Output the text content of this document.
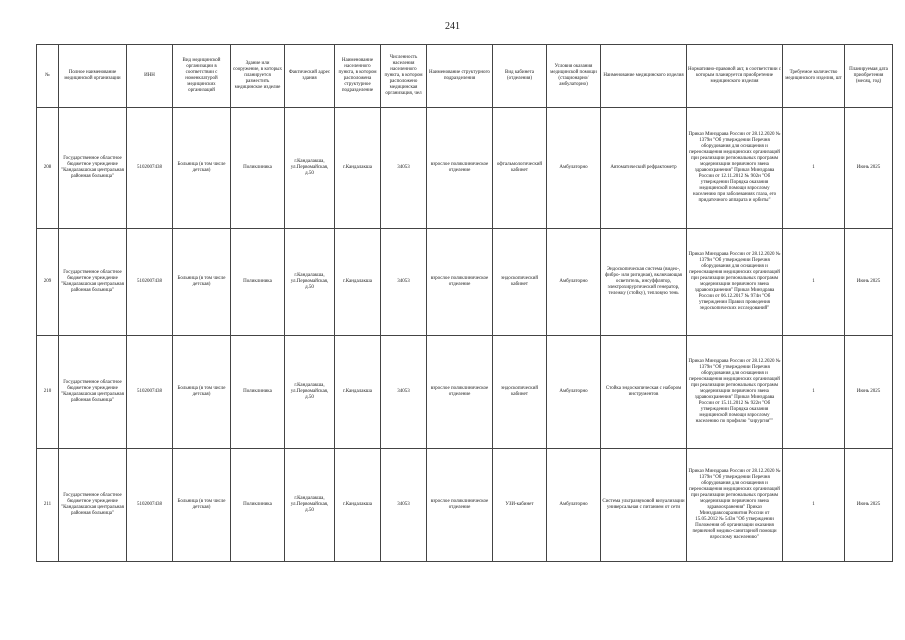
241
№	Полное наименование медицинской организации	ИНН	Вид медицинской организации в соответствии с номенклатурой медицинских организаций	Здание или сооружение, в которых планируется разместить медицинское изделие	Фактический адрес здания	Наименование населенного пункта, в котором расположена структурное подразделение	Численность населения населенного пункта, в котором расположено медицинская организация, чел	Наименование структурного подразделения	Вид кабинета (отделения)	Условия оказания медицинской помощи (стационарно/амбулаторно)	Наименование медицинского изделия	Нормативно-правовой акт, в соответствии с которым планируется приобретение медицинского изделия	Требуемое количество медицинского изделия, шт	Планируемая дата приобретения (месяц, год)
208	Государственное областное бюджетное учреждение "Кандалакшская центральная районная больница"	5102007438	Больница (в том числе детская)	Поликлиника	г.Кандалакша, ул.Первомайская, д.50	г.Кандалакша	34053	взрослое поликлиническое отделение	офтальмологический кабинет	Амбулаторно	Автоматический рефрактометр	Приказ Минздрава России от 28.12.2020 № 1379н "Об утверждении Перечня оборудования для оснащения и переоснащения медицинских организаций при реализации региональных программ модернизации первичного звена здравоохранения" Приказ Минздрава России от 12.11.2012 № 902н "Об утверждении Порядка оказания медицинской помощи взрослому населению при заболеваниях глаза, его придаточного аппарата и орбиты"	1	Июнь 2025
209	Государственное областное бюджетное учреждение "Кандалакшская центральная районная больница"	5102007438	Больница (в том числе детская)	Поликлиника	г.Кандалакша, ул.Первомайская, д.50	г.Кандалакша	34053	взрослое поликлиническое отделение	эндоскопический кабинет	Амбулаторно	Эндоскопическая система (видео-, фибро- или ригидная), включающая осветитель, инсуффлятор, электрохирургический генератор, тележку (стойку), тепловую тень	Приказ Минздрава России от 28.12.2020 № 1379н "Об утверждении Перечня оборудования для оснащения и переоснащения медицинских организаций при реализации региональных программ модернизации первичного звена здравоохранения" Приказ Минздрава России от 06.12.2017 № 974н "Об утверждении Правил проведения эндоскопических исследований"	1	Июнь 2025
210	Государственное областное бюджетное учреждение "Кандалакшская центральная районная больница"	5102007438	Больница (в том числе детская)	Поликлиника	г.Кандалакша, ул.Первомайская, д.50	г.Кандалакша	34053	взрослое поликлиническое отделение	эндоскопический кабинет	Амбулаторно	Стойка эндоскопическая с набором инструментов	Приказ Минздрава России от 28.12.2020 № 1379н "Об утверждении Перечня оборудования для оснащения и переоснащения медицинских организаций при реализации региональных программ модернизации первичного звена здравоохранения" Приказ Минздрава России от 15.11.2012 № 922н "Об утверждении Порядка оказания медицинской помощи взрослому населению по профилю "хирургия""	1	Июнь 2025
211	Государственное областное бюджетное учреждение "Кандалакшская центральная районная больница"	5102007438	Больница (в том числе детская)	Поликлиника	г.Кандалакша, ул.Первомайская, д.50	г.Кандалакша	34053	взрослое поликлиническое отделение	УЗИ-кабинет	Амбулаторно	Система ультразвуковой визуализации универсальная с питанием от сети	Приказ Минздрава России от 28.12.2020 № 1379н "Об утверждении Перечня оборудования для оснащения и переоснащения медицинских организаций при реализации региональных программ модернизации первичного звена здравоохранения" Приказ Минздравсоцразвития России от 15.05.2012 № 543н "Об утверждении Положения об организации оказания первичной медико-санитарной помощи взрослому населению"	1	Июнь 2025
